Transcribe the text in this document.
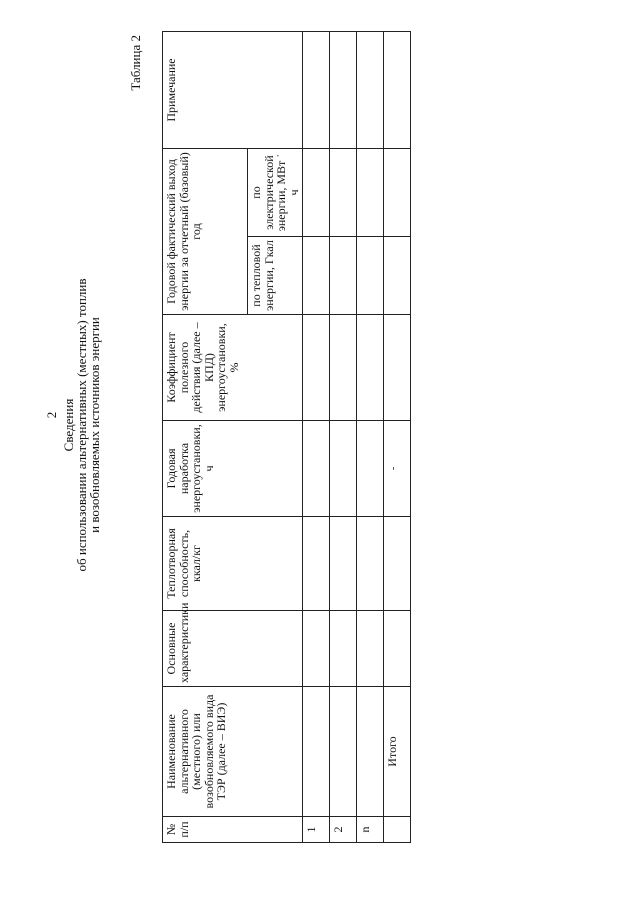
2 Сведения
об использовании альтернативных (местных) топлив
и возобновляемых источников энергии
Таблица 2
№ п/п	Наименование альтернативного (местного) или возобновляемого вида ТЭР (далее – ВИЭ)	Основные характеристики	Теплотворная способность, ккал/кг	Годовая наработка энергоустановки, ч	Коэффициент полезного действия (далее – КПД) энергоустановки, %	Годовой фактический выход энергии за отчетный (базовый) год		Примечание
						по тепловой энергии, Гкал	по электрической энергии, МВт ˙ ч	
1								
2								
n								
	Итого			-				
